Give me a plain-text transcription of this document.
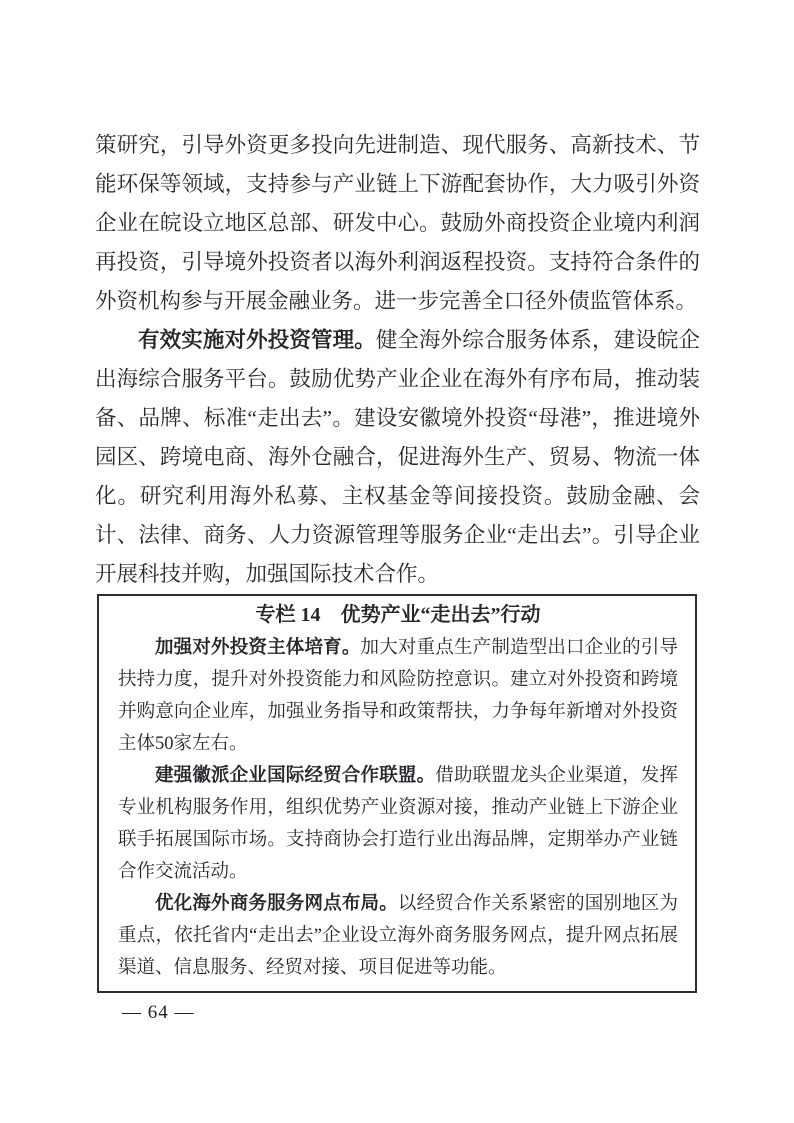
策研究，引导外资更多投向先进制造、现代服务、高新技术、节能环保等领域，支持参与产业链上下游配套协作，大力吸引外资企业在皖设立地区总部、研发中心。鼓励外商投资企业境内利润再投资，引导境外投资者以海外利润返程投资。支持符合条件的外资机构参与开展金融业务。进一步完善全口径外债监管体系。

有效实施对外投资管理。健全海外综合服务体系，建设皖企出海综合服务平台。鼓励优势产业企业在海外有序布局，推动装备、品牌、标准“走出去”。建设安徽境外投资“母港”，推进境外园区、跨境电商、海外仓融合，促进海外生产、贸易、物流一体化。研究利用海外私募、主权基金等间接投资。鼓励金融、会计、法律、商务、人力资源管理等服务企业“走出去”。引导企业开展科技并购，加强国际技术合作。

专栏 14　优势产业“走出去”行动

加强对外投资主体培育。加大对重点生产制造型出口企业的引导扶持力度，提升对外投资能力和风险防控意识。建立对外投资和跨境并购意向企业库，加强业务指导和政策帮扶，力争每年新增对外投资主体50家左右。

建强徽派企业国际经贸合作联盟。借助联盟龙头企业渠道，发挥专业机构服务作用，组织优势产业资源对接，推动产业链上下游企业联手拓展国际市场。支持商协会打造行业出海品牌，定期举办产业链合作交流活动。

优化海外商务服务网点布局。以经贸合作关系紧密的国别地区为重点，依托省内“走出去”企业设立海外商务服务网点，提升网点拓展渠道、信息服务、经贸对接、项目促进等功能。

— 64 —
